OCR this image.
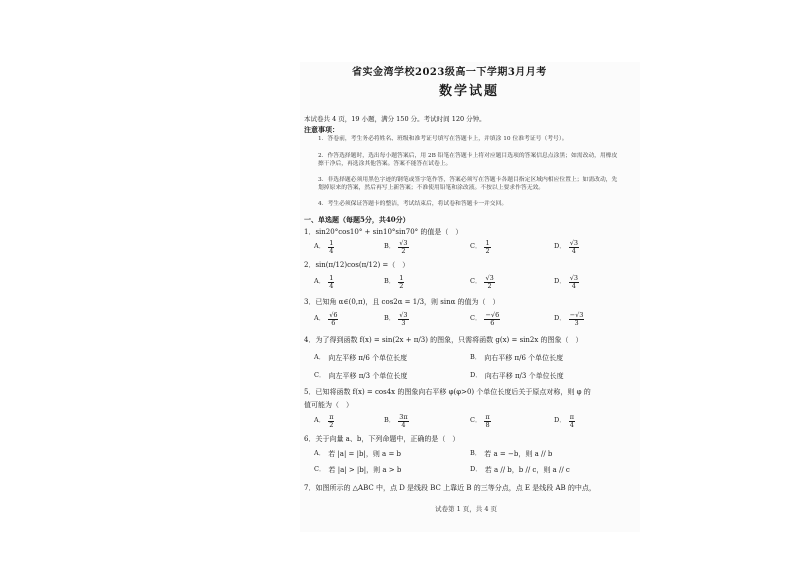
省实金湾学校2023级高一下学期3月月考
数学试题
本试卷共 4 页，19 小题，满分 150 分。考试时间 120 分钟。
注意事项：
1．答卷前，考生务必将姓名、班级和准考证号填写在答题卡上，并填涂 10 位准考证号（考号）。
2．作答选择题时，选出每小题答案后，用 2B 铅笔在答题卡上将对应题目选项的答案信息点涂黑；如需改动，用橡皮擦干净后，再选涂其他答案。答案不能答在试卷上。
3．非选择题必须用黑色字迹的钢笔或签字笔作答，答案必须写在答题卡各题目指定区域内相应位置上；如需改动，先划掉原来的答案，然后再写上新答案；不准使用铅笔和涂改液。不按以上要求作答无效。
4．考生必须保证答题卡的整洁，考试结束后，将试卷和答题卡一并交回。
一、单选题（每题5分，共40分）
1．sin20°cos10° + sin10°sin70° 的值是（　）
A． $\frac{1}{4}$	B． $\frac{√3}{2}$	C． $\frac{1}{2}$	D． $\frac{√3}{4}$
2．sin(π/12)cos(π/12) =（　）
A． $\frac{1}{4}$	B． $\frac{1}{2}$	C． $\frac{√3}{2}$	D． $\frac{√3}{4}$
3．已知角 α∈(0,π)，且 cos2α = 1/3，则 sinα 的值为（　）
A． $\frac{√6}{6}$	B． $\frac{√3}{3}$	C． $\frac{-√6}{6}$	D． $\frac{-√3}{3}$
4．为了得到函数 f(x) = sin(2x + π/3) 的图象，只需将函数 g(x) = sin2x 的图象（　）
A． 向左平移 π/6 个单位长度	B． 向右平移 π/6 个单位长度
C． 向左平移 π/3 个单位长度	D． 向右平移 π/3 个单位长度
5．已知将函数 f(x) = cos4x 的图象向右平移 φ(φ>0) 个单位长度后关于原点对称，则 φ 的
值可能为（　）
A． $\frac{\pi}{2}$	B． $\frac{3\pi}{4}$	C． $\frac{\pi}{8}$	D． $\frac{\pi}{4}$
6．关于向量 a、b，下列命题中，正确的是（　）
A． 若 |a| = |b|，则 a = b	B． 若 a = −b，则 a // b
C． 若 |a| > |b|，则 a > b	D． 若 a // b，b // c，则 a // c
7．如图所示的 △ABC 中，点 D 是线段 BC 上靠近 B 的三等分点，点 E 是线段 AB 的中点，
试卷第 1 页，共 4 页
